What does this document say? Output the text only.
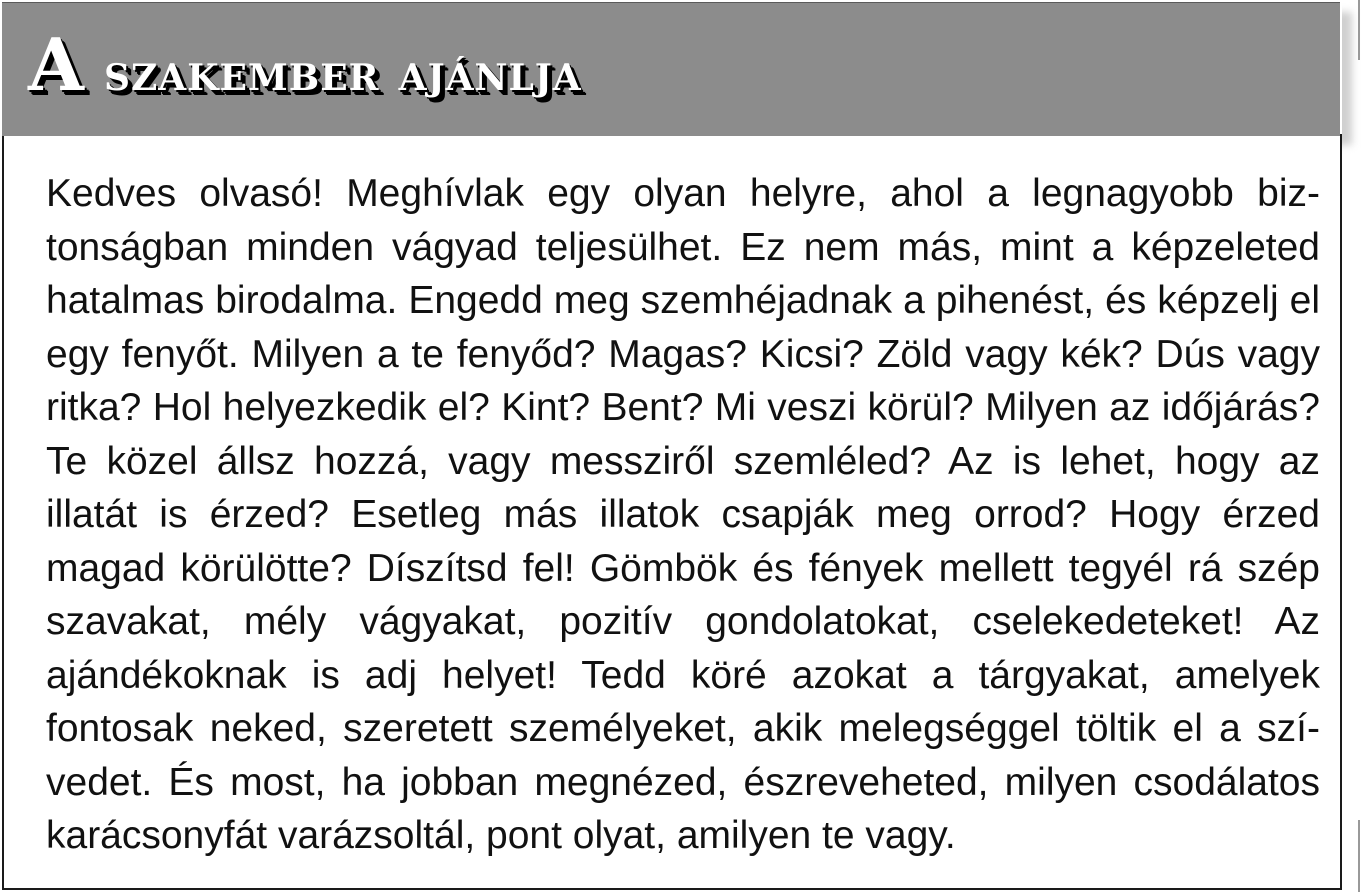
A szakember ajánlja

Kedves olvasó! Meghívlak egy olyan helyre, ahol a legnagyobb biztonságban minden vágyad teljesülhet. Ez nem más, mint a képzeleted hatalmas birodalma. Engedd meg szemhéjadnak a pihenést, és képzelj el egy fenyőt. Milyen a te fenyőd? Magas? Kicsi? Zöld vagy kék? Dús vagy ritka? Hol helyezkedik el? Kint? Bent? Mi veszi körül? Milyen az időjárás? Te közel állsz hozzá, vagy messziről szemléled? Az is lehet, hogy az illatát is érzed? Esetleg más illatok csapják meg orrod? Hogy érzed magad körülötte? Díszítsd fel! Gömbök és fények mellett tegyél rá szép szavakat, mély vágyakat, pozitív gondolatokat, cselekedeteket! Az ajándékoknak is adj helyet! Tedd köré azokat a tárgyakat, amelyek fontosak neked, szeretett személyeket, akik melegséggel töltik el a szívedet. És most, ha jobban megnézed, észreveheted, milyen csodálatos karácsonyfát varázsoltál, pont olyat, amilyen te vagy.
